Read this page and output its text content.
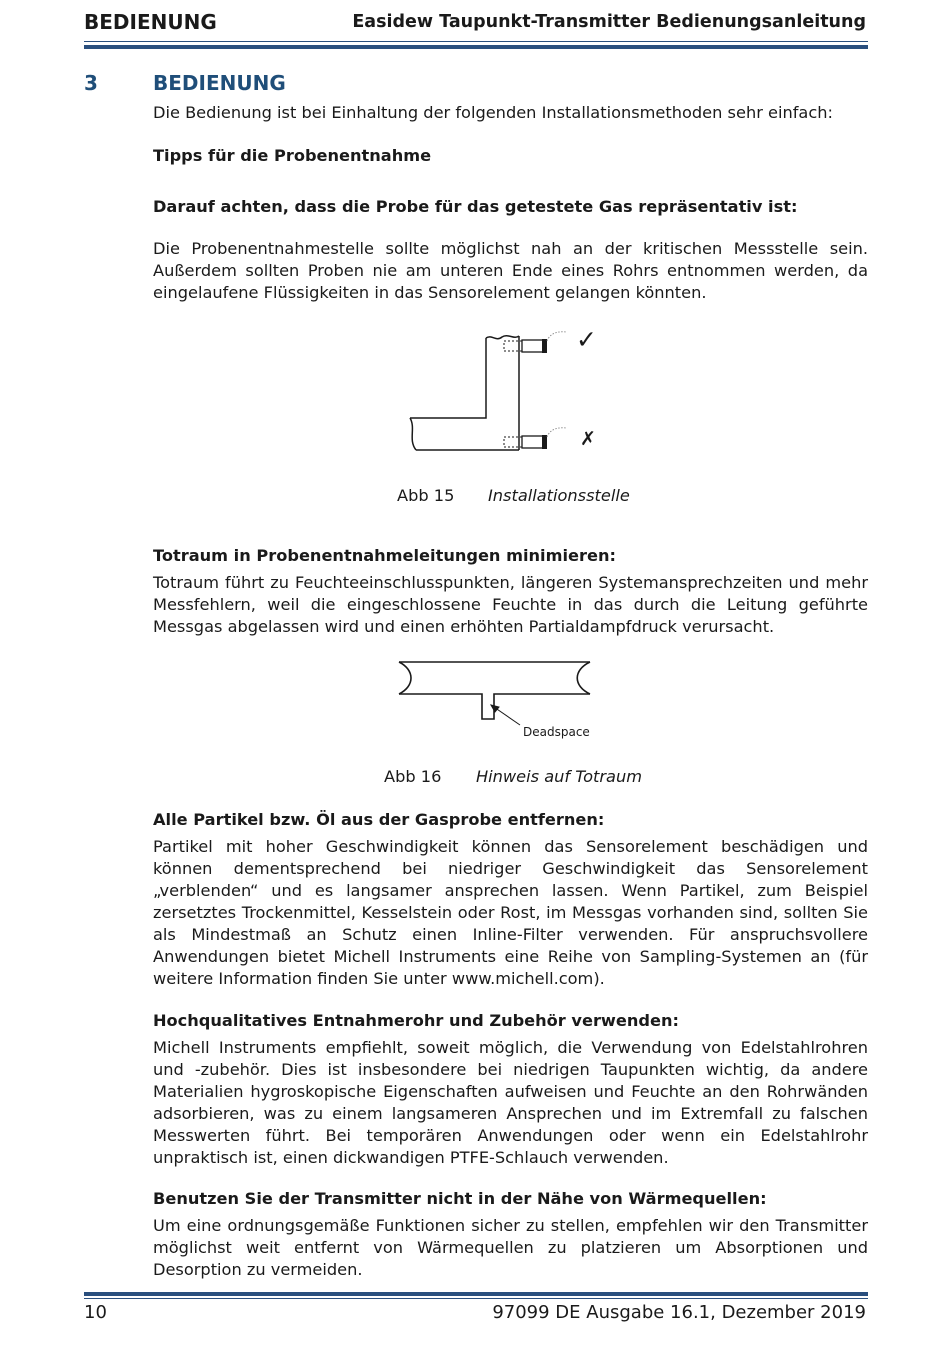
BEDIENUNG	Easidew Taupunkt-Transmitter Bedienungsanleitung
3	BEDIENUNG

Die Bedienung ist bei Einhaltung der folgenden Installationsmethoden sehr einfach:

Tipps für die Probenentnahme

Darauf achten, dass die Probe für das getestete Gas repräsentativ ist:

Die Probenentnahmestelle sollte möglichst nah an der kritischen Messstelle sein. Außerdem sollten Proben nie am unteren Ende eines Rohrs entnommen werden, da eingelaufene Flüssigkeiten in das Sensorelement gelangen könnten.

✓
✗
Abb 15 Installationsstelle

Totraum in Probenentnahmeleitungen minimieren:

Totraum führt zu Feuchteeinschlusspunkten, längeren Systemansprechzeiten und mehr Messfehlern, weil die eingeschlossene Feuchte in das durch die Leitung geführte Messgas abgelassen wird und einen erhöhten Partialdampfdruck verursacht.

Deadspace
Abb 16 Hinweis auf Totraum

Alle Partikel bzw. Öl aus der Gasprobe entfernen:

Partikel mit hoher Geschwindigkeit können das Sensorelement beschädigen und können dementsprechend bei niedriger Geschwindigkeit das Sensorelement „verblenden“ und es langsamer ansprechen lassen. Wenn Partikel, zum Beispiel zersetztes Trockenmittel, Kesselstein oder Rost, im Messgas vorhanden sind, sollten Sie als Mindestmaß an Schutz einen Inline-Filter verwenden. Für anspruchsvollere Anwendungen bietet Michell Instruments eine Reihe von Sampling-Systemen an (für weitere Information finden Sie unter www.michell.com).

Hochqualitatives Entnahmerohr und Zubehör verwenden:

Michell Instruments empfiehlt, soweit möglich, die Verwendung von Edelstahlrohren und -zubehör. Dies ist insbesondere bei niedrigen Taupunkten wichtig, da andere Materialien hygroskopische Eigenschaften aufweisen und Feuchte an den Rohrwänden adsorbieren, was zu einem langsameren Ansprechen und im Extremfall zu falschen Messwerten führt. Bei temporären Anwendungen oder wenn ein Edelstahlrohr unpraktisch ist, einen dickwandigen PTFE-Schlauch verwenden.

Benutzen Sie der Transmitter nicht in der Nähe von Wärmequellen:

Um eine ordnungsgemäße Funktionen sicher zu stellen, empfehlen wir den Transmitter möglichst weit entfernt von Wärmequellen zu platzieren um Absorptionen und Desorption zu vermeiden.

10	97099 DE Ausgabe 16.1, Dezember 2019
